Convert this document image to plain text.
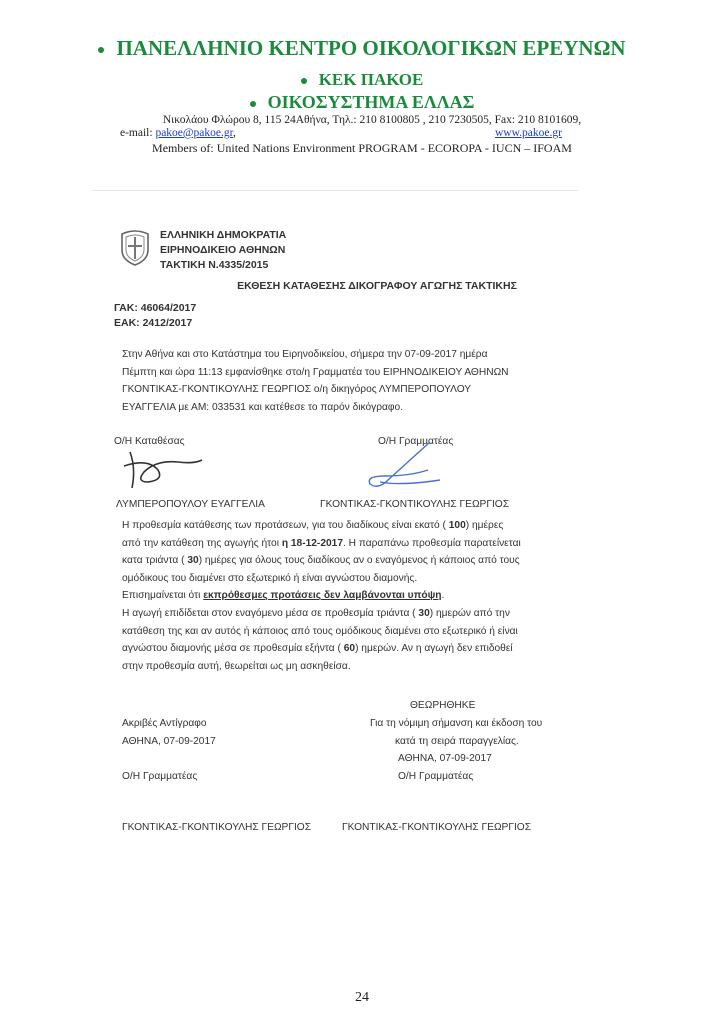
ΠΑΝΕΛΛΗΝΙΟ ΚΕΝΤΡΟ ΟΙΚΟΛΟΓΙΚΩΝ ΕΡΕΥΝΩΝ
ΚΕΚ ΠΑΚΟΕ
ΟΙΚΟΣΥΣΤΗΜΑ ΕΛΛΑΣ
Νικολάου Φλώρου 8, 115 24Αθήνα, Τηλ.: 210 8100805 , 210 7230505, Fax: 210 8101609,
e-mail: pakoe@pakoe.gr,	www.pakoe.gr
Members of: United Nations Environment PROGRAM - ECOROPA - IUCN – IFOAM
ΕΛΛΗΝΙΚΗ ΔΗΜΟΚΡΑΤΙΑ
ΕΙΡΗΝΟΔΙΚΕΙΟ ΑΘΗΝΩΝ
ΤΑΚΤΙΚΗ Ν.4335/2015
ΕΚΘΕΣΗ ΚΑΤΑΘΕΣΗΣ ΔΙΚΟΓΡΑΦΟΥ ΑΓΩΓΗΣ ΤΑΚΤΙΚΗΣ
ΓΑΚ: 46064/2017
ΕΑΚ: 2412/2017
Στην Αθήνα και στο Κατάστημα του Ειρηνοδικείου, σήμερα την 07-09-2017 ημέρα
Πέμπτη και ώρα 11:13 εμφανίσθηκε στο/η Γραμματέα του ΕΙΡΗΝΟΔΙΚΕΙΟΥ ΑΘΗΝΩΝ
ΓΚΟΝΤΙΚΑΣ-ΓΚΟΝΤΙΚΟΥΛΗΣ ΓΕΩΡΓΙΟΣ ο/η δικηγόρος ΛΥΜΠΕΡΟΠΟΥΛΟΥ
ΕΥΑΓΓΕΛΙΑ με ΑΜ: 033531 και κατέθεσε το παρόν δικόγραφο.
Ο/Η Καταθέσας	Ο/Η Γραμματέας
ΛΥΜΠΕΡΟΠΟΥΛΟΥ ΕΥΑΓΓΕΛΙΑ	ΓΚΟΝΤΙΚΑΣ-ΓΚΟΝΤΙΚΟΥΛΗΣ ΓΕΩΡΓΙΟΣ
Η προθεσμία κατάθεσης των προτάσεων, για του διαδίκους είναι εκατό ( 100) ημέρες
από την κατάθεση της αγωγής ήτοι η 18-12-2017. Η παραπάνω προθεσμία παρατείνεται
κατα τριάντα ( 30) ημέρες για όλους τους διαδίκους αν ο εναγόμενος ή κάποιος από τους
ομόδικους του διαμένει στο εξωτερικό ή είναι αγνώστου διαμονής.
Επισημαίνεται ότι εκπρόθεσμες προτάσεις δεν λαμβάνονται υπόψη.
Η αγωγή επιδίδεται στον εναγόμενο μέσα σε προθεσμία τριάντα ( 30) ημερών από την
κατάθεση της και αν αυτός ή κάποιος από τους ομόδικους διαμένει στο εξωτερικό ή είναι
αγνώστου διαμονής μέσα σε προθεσμία εξήντα ( 60) ημερών. Αν η αγωγή δεν επιδοθεί
στην προθεσμία αυτή, θεωρείται ως μη ασκηθείσα.
ΘΕΩΡΗΘΗΚΕ
Ακριβές Αντίγραφο	Για τη νόμιμη σήμανση και έκδοση του
ΑΘΗΝΑ, 07-09-2017	κατά τη σειρά παραγγελίας.
ΑΘΗΝΑ, 07-09-2017
Ο/Η Γραμματέας	Ο/Η Γραμματέας
ΓΚΟΝΤΙΚΑΣ-ΓΚΟΝΤΙΚΟΥΛΗΣ ΓΕΩΡΓΙΟΣ	ΓΚΟΝΤΙΚΑΣ-ΓΚΟΝΤΙΚΟΥΛΗΣ ΓΕΩΡΓΙΟΣ
24
